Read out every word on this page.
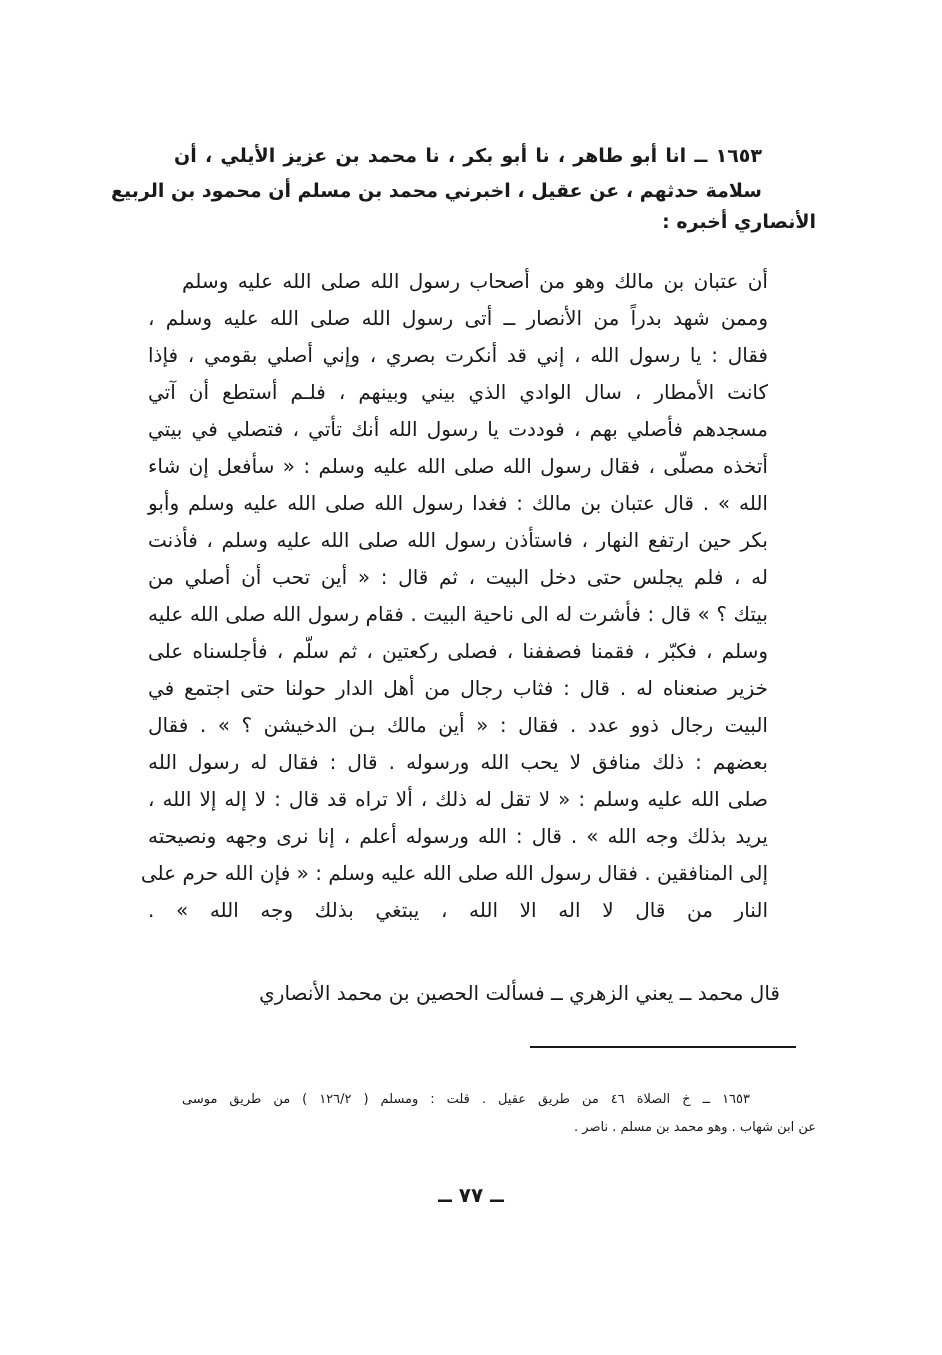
١٦٥٣ ــ انا أبو طاهر ، نا أبو بكر ، نا محمد بن عزيز الأيلي ، أن
سلامة حدثهم ، عن عقيل ، اخبرني محمد بن مسلم أن محمود بن الربيع
الأنصاري أخبره :
أن عتبان بن مالك وهو من أصحاب رسول الله صلى الله عليه وسلم
وممن شهد بدراً من الأنصار ــ أتى رسول الله صلى الله عليه وسلم ،
فقال : يا رسول الله ، إني قد أنكرت بصري ، وإني أصلي بقومي ، فإذا
كانت الأمطار ، سال الوادي الذي بيني وبينهم ، فلـم أستطع أن آتي
مسجدهم فأصلي بهم ، فوددت يا رسول الله أنك تأتي ، فتصلي في بيتي
أتخذه مصلّى ، فقال رسول الله صلى الله عليه وسلم : « سأفعل إن شاء
الله » . قال عتبان بن مالك : فغدا رسول الله صلى الله عليه وسلم وأبو
بكر حين ارتفع النهار ، فاستأذن رسول الله صلى الله عليه وسلم ، فأذنت
له ، فلم يجلس حتى دخل البيت ، ثم قال : « أين تحب أن أصلي من
بيتك ؟ » قال : فأشرت له الى ناحية البيت . فقام رسول الله صلى الله عليه
وسلم ، فكبّر ، فقمنا فصففنا ، فصلى ركعتين ، ثم سلّم ، فأجلسناه على
خزير صنعناه له . قال : فثاب رجال من أهل الدار حولنا حتى اجتمع في
البيت رجال ذوو عدد . فقال : « أين مالك بـن الدخيشن ؟ » . فقال
بعضهم : ذلك منافق لا يحب الله ورسوله . قال : فقال له رسول الله
صلى الله عليه وسلم : « لا تقل له ذلك ، ألا تراه قد قال : لا إله إلا الله ،
يريد بذلك وجه الله » . قال : الله ورسوله أعلم ، إنا نرى وجهه ونصيحته
إلى المنافقين . فقال رسول الله صلى الله عليه وسلم : « فإن الله حرم على
النار من قال لا اله الا الله ، يبتغي بذلك وجه الله » .
قال محمد ــ يعني الزهري ــ فسألت الحصين بن محمد الأنصاري
١٦٥٣ ــ خ الصلاة ٤٦ من طريق عقيل . قلت : ومسلم ( ١٢٦/٢ ) من طريق موسى
عن ابن شهاب . وهو محمد بن مسلم . ناصر .
ــ ٧٧ ــ
